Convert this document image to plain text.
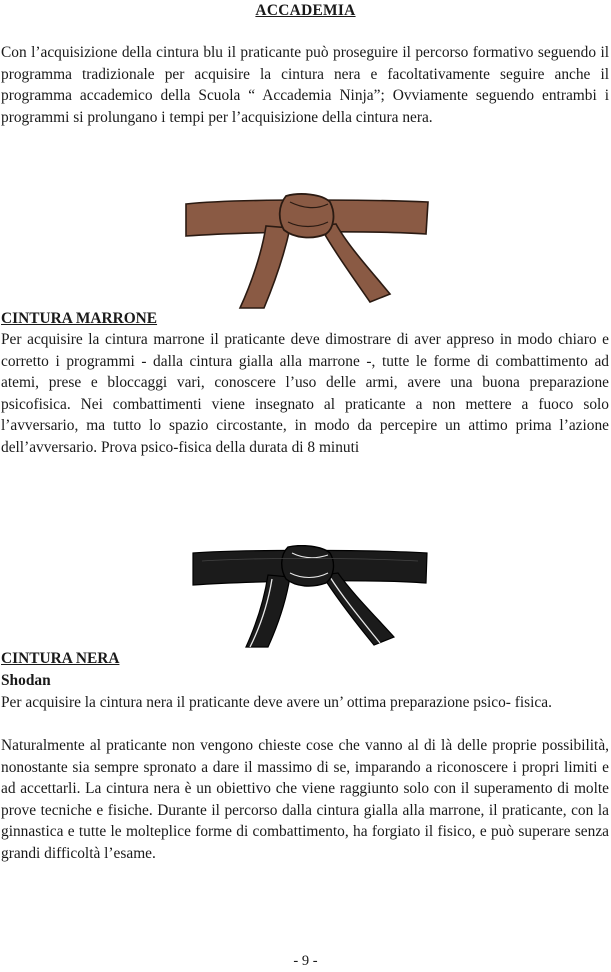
ACCADEMIA

Con l’acquisizione della cintura blu il praticante può proseguire il percorso formativo seguendo il programma tradizionale per acquisire la cintura nera e facoltativamente seguire anche il programma accademico della Scuola “ Accademia Ninja”; Ovviamente seguendo entrambi i programmi si prolungano i tempi per l’acquisizione della cintura nera.

CINTURA MARRONE

Per acquisire la cintura marrone il praticante deve dimostrare di aver appreso in modo chiaro e corretto i programmi - dalla cintura gialla alla marrone -, tutte le forme di combattimento ad atemi, prese e bloccaggi vari, conoscere l’uso delle armi, avere una buona preparazione psicofisica. Nei combattimenti viene insegnato al praticante a non mettere a fuoco solo l’avversario, ma tutto lo spazio circostante, in modo da percepire un attimo prima l’azione dell’avversario. Prova psico-fisica della durata di 8 minuti

CINTURA NERA
Shodan

Per acquisire la cintura nera il praticante deve avere un’ ottima preparazione psico- fisica.

Naturalmente al praticante non vengono chieste cose che vanno al di là delle proprie possibilità, nonostante sia sempre spronato a dare il massimo di se, imparando a riconoscere i propri limiti e ad accettarli. La cintura nera è un obiettivo che viene raggiunto solo con il superamento di molte prove tecniche e fisiche. Durante il percorso dalla cintura gialla alla marrone, il praticante, con la ginnastica e tutte le molteplice forme di combattimento, ha forgiato il fisico, e può superare senza grandi difficoltà l’esame.

- 9 -
